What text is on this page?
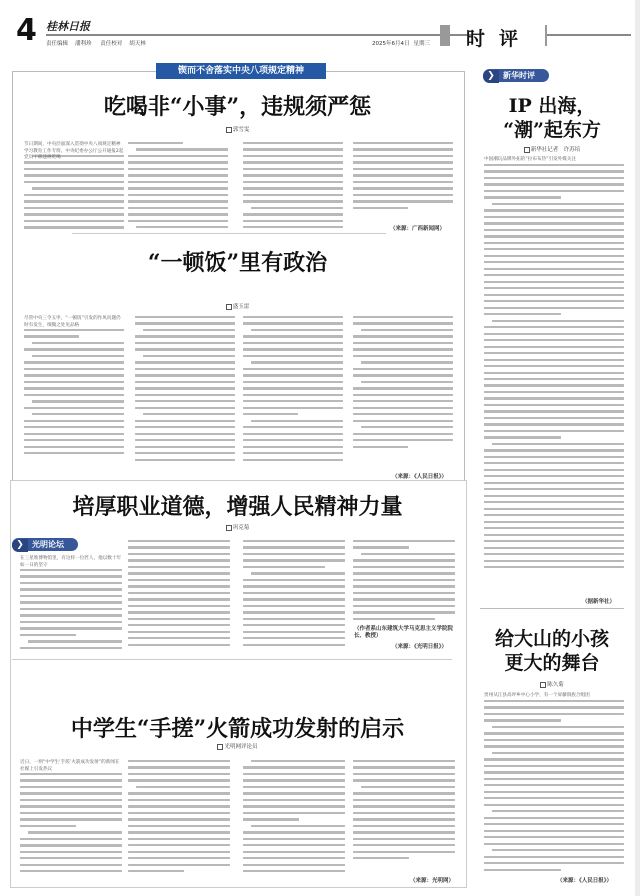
4 桂林日报
责任编辑 潘利珍 责任校对 胡天林	2025年6月4日 星期三 时评
锲而不舍落实中央八项规定精神
吃喝非“小事”，违规须严惩
郭雪雯
节日期间，中央层面深入贯彻中央八项规定精神学习教育工作专班、中央纪委办公厅公开通报2起党员干部违规吃喝
（来源：广西新闻网）
“一顿饭”里有政治
盛玉雷
尽管中央三令五申，“一顿饭”引发的作风问题仍时有发生，细微之处见品格
（来源：《人民日报》）
培厚职业道德，增强人民精神力量
巩克菊
❯ 光明论坛
在三星堆博物馆里，有这样一位匠人，他以数十年如一日的坚守
（作者系山东建筑大学马克思主义学院院长、教授）
（来源：《光明日报》）
中学生“手搓”火箭成功发射的启示
光明网评论员
近日，一则“中学生‘手搓’火箭成功发射”的新闻在社媒上引发热议
（来源：光明网）
❯ 新华时评
IP 出海，
“潮”起东方
新华社记者　许苏培
中国潮玩品牌外拓的“拉布布热”引发外媒关注
（据新华社）
给大山的小孩
更大的舞台
陈久菊
贵州从江县高坪乡中心小学，有一个屏藤侗族合唱团
（来源：《人民日报》）
